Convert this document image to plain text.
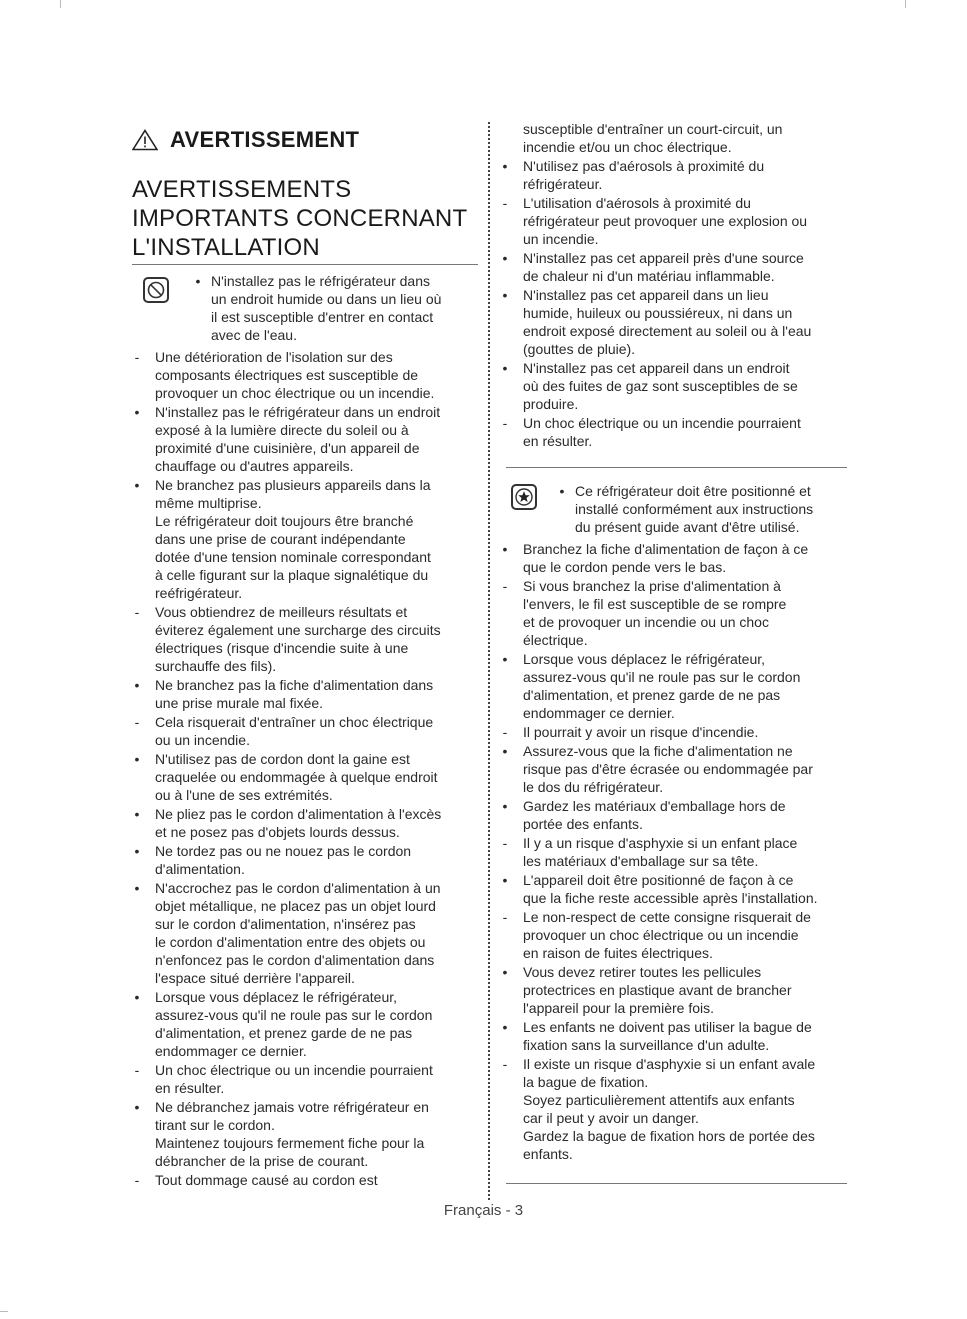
AVERTISSEMENT
AVERTISSEMENTS
IMPORTANTS CONCERNANT
L'INSTALLATION
• N'installez pas le réfrigérateur dans
un endroit humide ou dans un lieu où
il est susceptible d'entrer en contact
avec de l'eau.
-	Une détérioration de l'isolation sur des
composants électriques est susceptible de
provoquer un choc électrique ou un incendie.
•	N'installez pas le réfrigérateur dans un endroit
exposé à la lumière directe du soleil ou à
proximité d'une cuisinière, d'un appareil de
chauffage ou d'autres appareils.
•	Ne branchez pas plusieurs appareils dans la
même multiprise.
Le réfrigérateur doit toujours être branché
dans une prise de courant indépendante
dotée d'une tension nominale correspondant
à celle figurant sur la plaque signalétique du
reéfrigérateur.
-	Vous obtiendrez de meilleurs résultats et
éviterez également une surcharge des circuits
électriques (risque d'incendie suite à une
surchauffe des fils).
•	Ne branchez pas la fiche d'alimentation dans
une prise murale mal fixée.
-	Cela risquerait d'entraîner un choc électrique
ou un incendie.
•	N'utilisez pas de cordon dont la gaine est
craquelée ou endommagée à quelque endroit
ou à l'une de ses extrémités.
•	Ne pliez pas le cordon d'alimentation à l'excès
et ne posez pas d'objets lourds dessus.
•	Ne tordez pas ou ne nouez pas le cordon
d'alimentation.
•	N'accrochez pas le cordon d'alimentation à un
objet métallique, ne placez pas un objet lourd
sur le cordon d'alimentation, n'insérez pas
le cordon d'alimentation entre des objets ou
n'enfoncez pas le cordon d'alimentation dans
l'espace situé derrière l'appareil.
•	Lorsque vous déplacez le réfrigérateur,
assurez-vous qu'il ne roule pas sur le cordon
d'alimentation, et prenez garde de ne pas
endommager ce dernier.
-	Un choc électrique ou un incendie pourraient
en résulter.
•	Ne débranchez jamais votre réfrigérateur en
tirant sur le cordon.
Maintenez toujours fermement fiche pour la
débrancher de la prise de courant.
-	Tout dommage causé au cordon est
susceptible d'entraîner un court-circuit, un
incendie et/ou un choc électrique.
•	N'utilisez pas d'aérosols à proximité du
réfrigérateur.
-	L'utilisation d'aérosols à proximité du
réfrigérateur peut provoquer une explosion ou
un incendie.
•	N'installez pas cet appareil près d'une source
de chaleur ni d'un matériau inflammable.
•	N'installez pas cet appareil dans un lieu
humide, huileux ou poussiéreux, ni dans un
endroit exposé directement au soleil ou à l'eau
(gouttes de pluie).
•	N'installez pas cet appareil dans un endroit
où des fuites de gaz sont susceptibles de se
produire.
-	Un choc électrique ou un incendie pourraient
en résulter.
• Ce réfrigérateur doit être positionné et
installé conformément aux instructions
du présent guide avant d'être utilisé.
•	Branchez la fiche d'alimentation de façon à ce
que le cordon pende vers le bas.
-	Si vous branchez la prise d'alimentation à
l'envers, le fil est susceptible de se rompre
et de provoquer un incendie ou un choc
électrique.
•	Lorsque vous déplacez le réfrigérateur,
assurez-vous qu'il ne roule pas sur le cordon
d'alimentation, et prenez garde de ne pas
endommager ce dernier.
-	Il pourrait y avoir un risque d'incendie.
•	Assurez-vous que la fiche d'alimentation ne
risque pas d'être écrasée ou endommagée par
le dos du réfrigérateur.
•	Gardez les matériaux d'emballage hors de
portée des enfants.
-	Il y a un risque d'asphyxie si un enfant place
les matériaux d'emballage sur sa tête.
•	L'appareil doit être positionné de façon à ce
que la fiche reste accessible après l'installation.
-	Le non-respect de cette consigne risquerait de
provoquer un choc électrique ou un incendie
en raison de fuites électriques.
•	Vous devez retirer toutes les pellicules
protectrices en plastique avant de brancher
l'appareil pour la première fois.
•	Les enfants ne doivent pas utiliser la bague de
fixation sans la surveillance d'un adulte.
-	Il existe un risque d'asphyxie si un enfant avale
la bague de fixation.
Soyez particulièrement attentifs aux enfants
car il peut y avoir un danger.
Gardez la bague de fixation hors de portée des
enfants.
Français - 3
